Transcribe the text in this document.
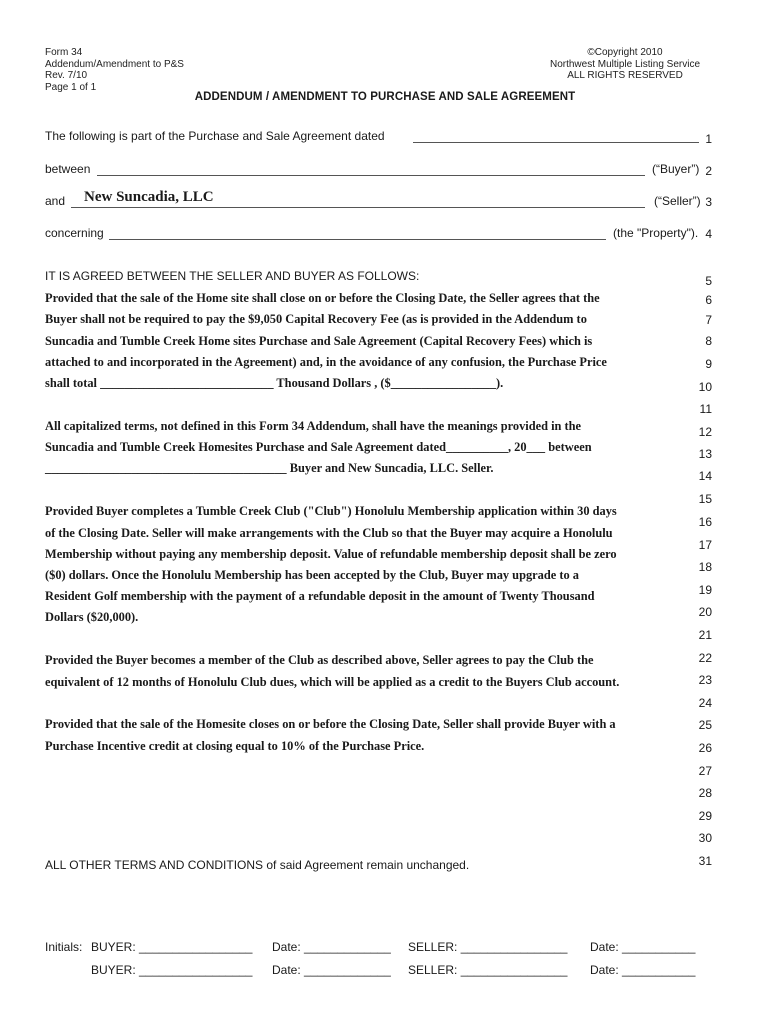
Form 34
Addendum/Amendment to P&S
Rev. 7/10
Page 1 of 1
©Copyright 2010
Northwest Multiple Listing Service
ALL RIGHTS RESERVED
ADDENDUM / AMENDMENT TO PURCHASE AND SALE AGREEMENT
The following is part of the Purchase and Sale Agreement dated
between	(“Buyer”)
and New Suncadia, LLC	(“Seller”)
concerning	(the "Property").
IT IS AGREED BETWEEN THE SELLER AND BUYER AS FOLLOWS:
Provided that the sale of the Home site shall close on or before the Closing Date, the Seller agrees that the
Buyer shall not be required to pay the $9,050 Capital Recovery Fee (as is provided in the Addendum to
Suncadia and Tumble Creek Home sites Purchase and Sale Agreement (Capital Recovery Fees) which is
attached to and incorporated in the Agreement) and, in the avoidance of any confusion, the Purchase Price
shall total ____________________________ Thousand Dollars , ($_________________).
All capitalized terms, not defined in this Form 34 Addendum, shall have the meanings provided in the
Suncadia and Tumble Creek Homesites Purchase and Sale Agreement dated__________, 20___ between
_______________________________________ Buyer and New Suncadia, LLC. Seller.
Provided Buyer completes a Tumble Creek Club ("Club") Honolulu Membership application within 30 days
of the Closing Date. Seller will make arrangements with the Club so that the Buyer may acquire a Honolulu
Membership without paying any membership deposit. Value of refundable membership deposit shall be zero
($0) dollars. Once the Honolulu Membership has been accepted by the Club, Buyer may upgrade to a
Resident Golf membership with the payment of a refundable deposit in the amount of Twenty Thousand
Dollars ($20,000).
Provided the Buyer becomes a member of the Club as described above, Seller agrees to pay the Club the
equivalent of 12 months of Honolulu Club dues, which will be applied as a credit to the Buyers Club account.
Provided that the sale of the Homesite closes on or before the Closing Date, Seller shall provide Buyer with a
Purchase Incentive credit at closing equal to 10% of the Purchase Price.
ALL OTHER TERMS AND CONDITIONS of said Agreement remain unchanged.
1
2
3
4
5
6
7
8
9
10
11
12
13
14
15
16
17
18
19
20
21
22
23
24
25
26
27
28
29
30
31
Initials: BUYER: _________________ Date: _____________ SELLER: ________________ Date: ___________
BUYER: _________________ Date: _____________ SELLER: ________________ Date: ___________
